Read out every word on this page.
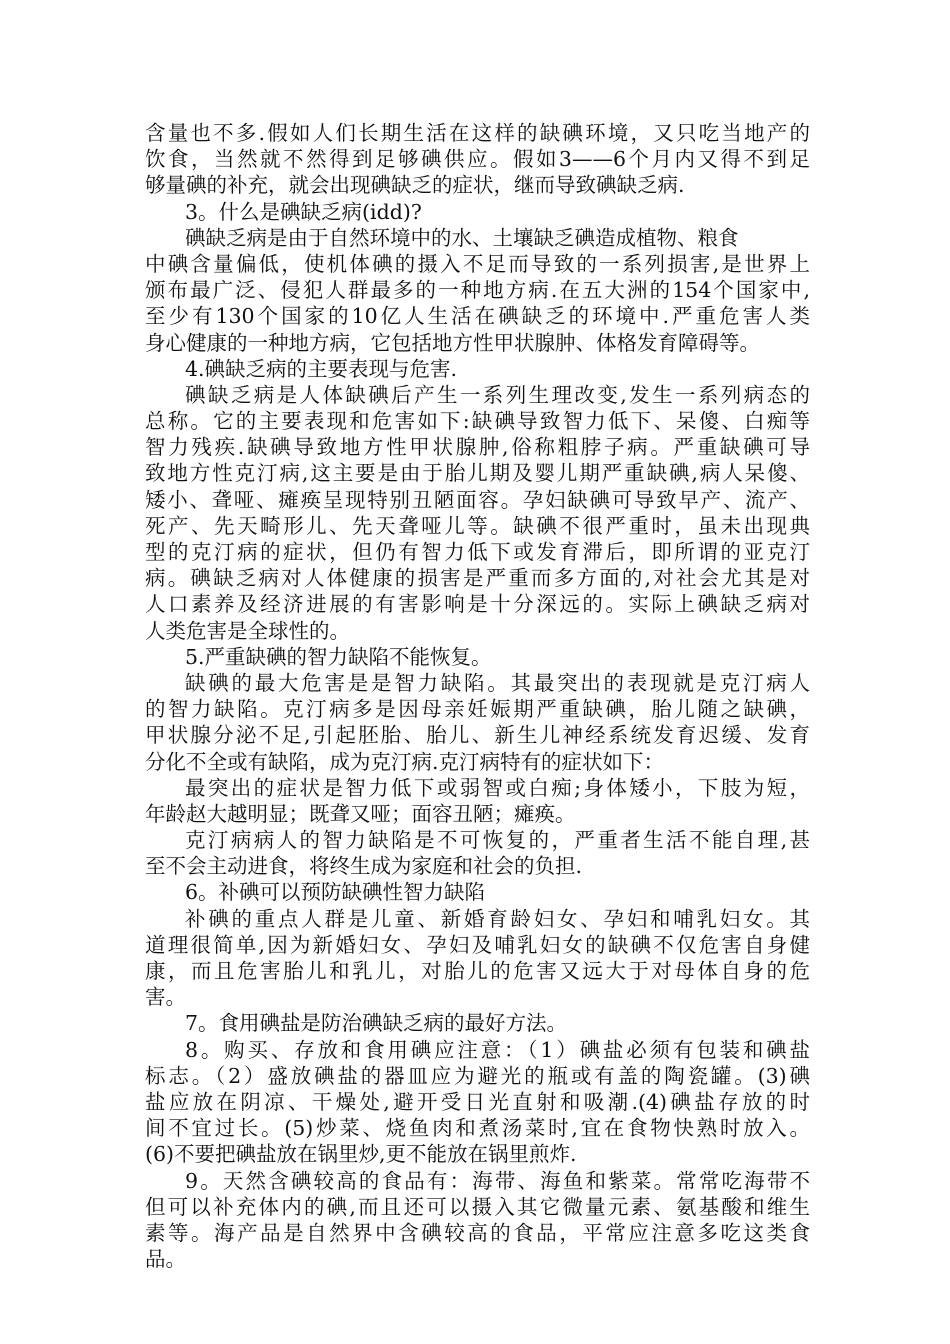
含量也不多.假如人们长期生活在这样的缺碘环境，又只吃当地产的
饮食，当然就不然得到足够碘供应。假如3——6个月内又得不到足
够量碘的补充，就会出现碘缺乏的症状，继而导致碘缺乏病.
3。什么是碘缺乏病(idd)?
碘缺乏病是由于自然环境中的水、土壤缺乏碘造成植物、粮食
中碘含量偏低，使机体碘的摄入不足而导致的一系列损害,是世界上
颁布最广泛、侵犯人群最多的一种地方病.在五大洲的154个国家中,
至少有130个国家的10亿人生活在碘缺乏的环境中.严重危害人类
身心健康的一种地方病，它包括地方性甲状腺肿、体格发育障碍等。
4.碘缺乏病的主要表现与危害.
碘缺乏病是人体缺碘后产生一系列生理改变,发生一系列病态的
总称。它的主要表现和危害如下:缺碘导致智力低下、呆傻、白痴等
智力残疾.缺碘导致地方性甲状腺肿,俗称粗脖子病。严重缺碘可导
致地方性克汀病,这主要是由于胎儿期及婴儿期严重缺碘,病人呆傻、
矮小、聋哑、瘫痪呈现特别丑陋面容。孕妇缺碘可导致早产、流产、
死产、先天畸形儿、先天聋哑儿等。缺碘不很严重时，虽未出现典
型的克汀病的症状，但仍有智力低下或发育滞后，即所谓的亚克汀
病。碘缺乏病对人体健康的损害是严重而多方面的,对社会尤其是对
人口素养及经济进展的有害影响是十分深远的。实际上碘缺乏病对
人类危害是全球性的。
5.严重缺碘的智力缺陷不能恢复。
缺碘的最大危害是是智力缺陷。其最突出的表现就是克汀病人
的智力缺陷。克汀病多是因母亲妊娠期严重缺碘，胎儿随之缺碘，
甲状腺分泌不足,引起胚胎、胎儿、新生儿神经系统发育迟缓、发育
分化不全或有缺陷，成为克汀病.克汀病特有的症状如下：
最突出的症状是智力低下或弱智或白痴;身体矮小，下肢为短，
年龄赵大越明显；既聋又哑；面容丑陋；瘫痪。
克汀病病人的智力缺陷是不可恢复的，严重者生活不能自理,甚
至不会主动进食，将终生成为家庭和社会的负担.
6。补碘可以预防缺碘性智力缺陷
补碘的重点人群是儿童、新婚育龄妇女、孕妇和哺乳妇女。其
道理很简单,因为新婚妇女、孕妇及哺乳妇女的缺碘不仅危害自身健
康，而且危害胎儿和乳儿，对胎儿的危害又远大于对母体自身的危
害。
7。食用碘盐是防治碘缺乏病的最好方法。
8。购买、存放和食用碘应注意：（1）碘盐必须有包装和碘盐
标志。（2）盛放碘盐的器皿应为避光的瓶或有盖的陶瓷罐。(3)碘
盐应放在阴凉、干燥处,避开受日光直射和吸潮.(4)碘盐存放的时
间不宜过长。(5)炒菜、烧鱼肉和煮汤菜时,宜在食物快熟时放入。
(6)不要把碘盐放在锅里炒,更不能放在锅里煎炸.
9。天然含碘较高的食品有：海带、海鱼和紫菜。常常吃海带不
但可以补充体内的碘,而且还可以摄入其它微量元素、氨基酸和维生
素等。海产品是自然界中含碘较高的食品，平常应注意多吃这类食
品。
